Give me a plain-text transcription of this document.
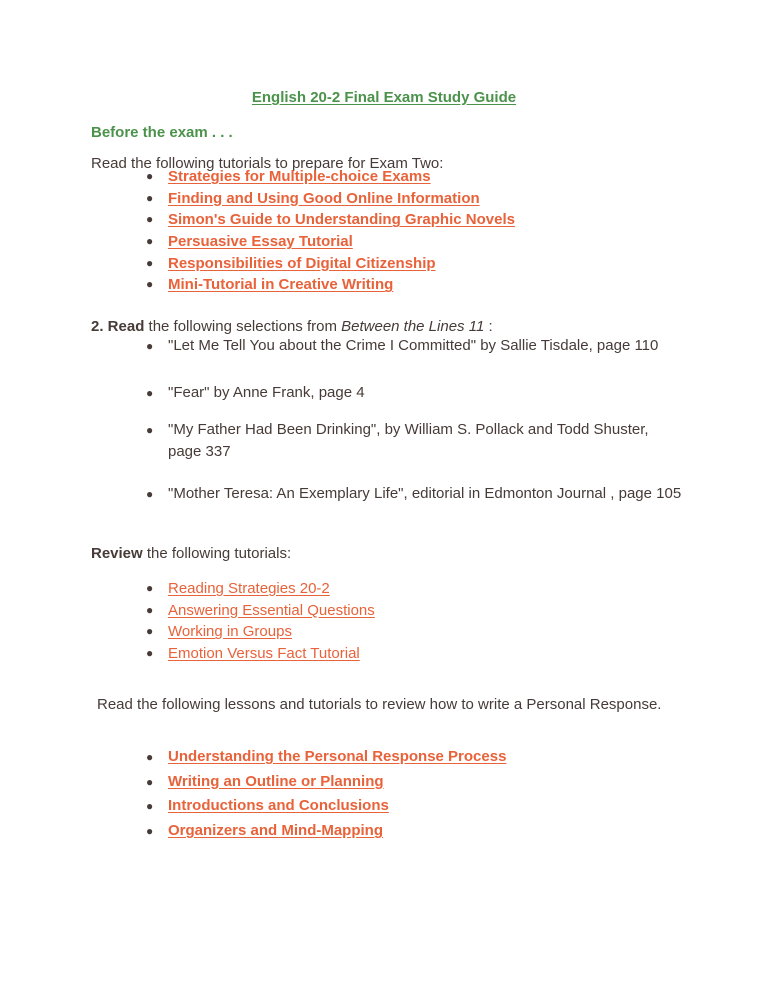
English 20-2 Final Exam Study Guide
Before the exam . . .
Read the following tutorials to prepare for Exam Two:
● Strategies for Multiple-choice Exams
● Finding and Using Good Online Information
● Simon's Guide to Understanding Graphic Novels
● Persuasive Essay Tutorial
● Responsibilities of Digital Citizenship
● Mini-Tutorial in Creative Writing
2. Read the following selections from Between the Lines 11 :
● "Let Me Tell You about the Crime I Committed" by Sallie Tisdale, page 110
● "Fear" by Anne Frank, page 4
● "My Father Had Been Drinking", by William S. Pollack and Todd Shuster, page 337
● "Mother Teresa: An Exemplary Life", editorial in Edmonton Journal , page 105
Review the following tutorials:
● Reading Strategies 20-2
● Answering Essential Questions
● Working in Groups
● Emotion Versus Fact Tutorial
Read the following lessons and tutorials to review how to write a Personal Response.
● Understanding the Personal Response Process
● Writing an Outline or Planning
● Introductions and Conclusions
● Organizers and Mind-Mapping
